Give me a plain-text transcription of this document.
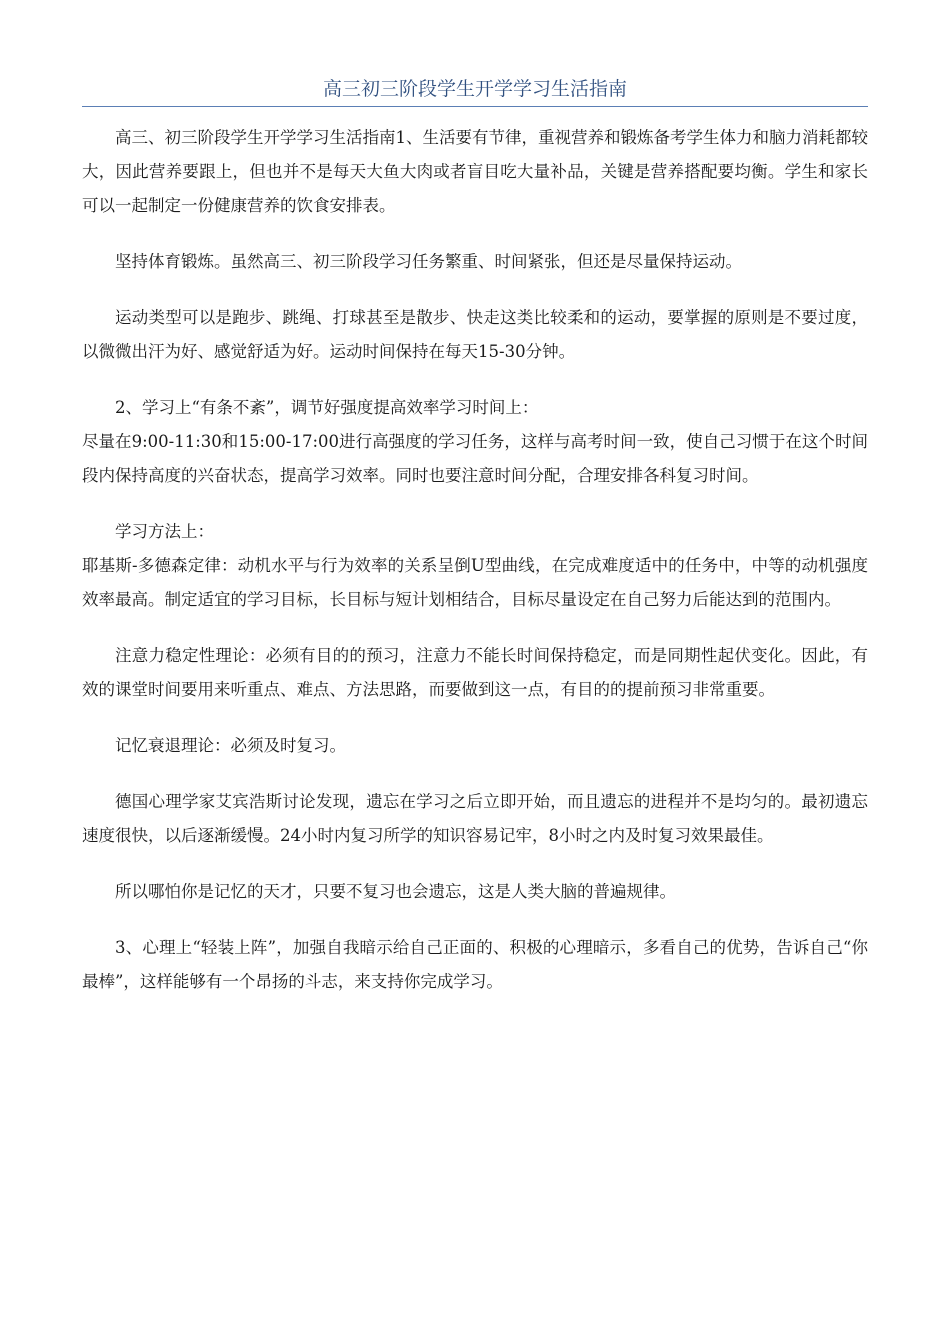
高三初三阶段学生开学学习生活指南

高三、初三阶段学生开学学习生活指南1、生活要有节律，重视营养和锻炼备考学生体力和脑力消耗都较大，因此营养要跟上，但也并不是每天大鱼大肉或者盲目吃大量补品，关键是营养搭配要均衡。学生和家长可以一起制定一份健康营养的饮食安排表。

坚持体育锻炼。虽然高三、初三阶段学习任务繁重、时间紧张，但还是尽量保持运动。

运动类型可以是跑步、跳绳、打球甚至是散步、快走这类比较柔和的运动，要掌握的原则是不要过度，以微微出汗为好、感觉舒适为好。运动时间保持在每天15-30分钟。

2、学习上“有条不紊”，调节好强度提高效率学习时间上：

尽量在9:00-11:30和15:00-17:00进行高强度的学习任务，这样与高考时间一致，使自己习惯于在这个时间段内保持高度的兴奋状态，提高学习效率。同时也要注意时间分配，合理安排各科复习时间。

学习方法上：

耶基斯-多德森定律：动机水平与行为效率的关系呈倒U型曲线，在完成难度适中的任务中，中等的动机强度效率最高。制定适宜的学习目标，长目标与短计划相结合，目标尽量设定在自己努力后能达到的范围内。

注意力稳定性理论：必须有目的的预习，注意力不能长时间保持稳定，而是同期性起伏变化。因此，有效的课堂时间要用来听重点、难点、方法思路，而要做到这一点，有目的的提前预习非常重要。

记忆衰退理论：必须及时复习。

德国心理学家艾宾浩斯讨论发现，遗忘在学习之后立即开始，而且遗忘的进程并不是均匀的。最初遗忘速度很快，以后逐渐缓慢。24小时内复习所学的知识容易记牢，8小时之内及时复习效果最佳。

所以哪怕你是记忆的天才，只要不复习也会遗忘，这是人类大脑的普遍规律。

3、心理上“轻装上阵”，加强自我暗示给自己正面的、积极的心理暗示，多看自己的优势，告诉自己“你最棒”，这样能够有一个昂扬的斗志，来支持你完成学习。
